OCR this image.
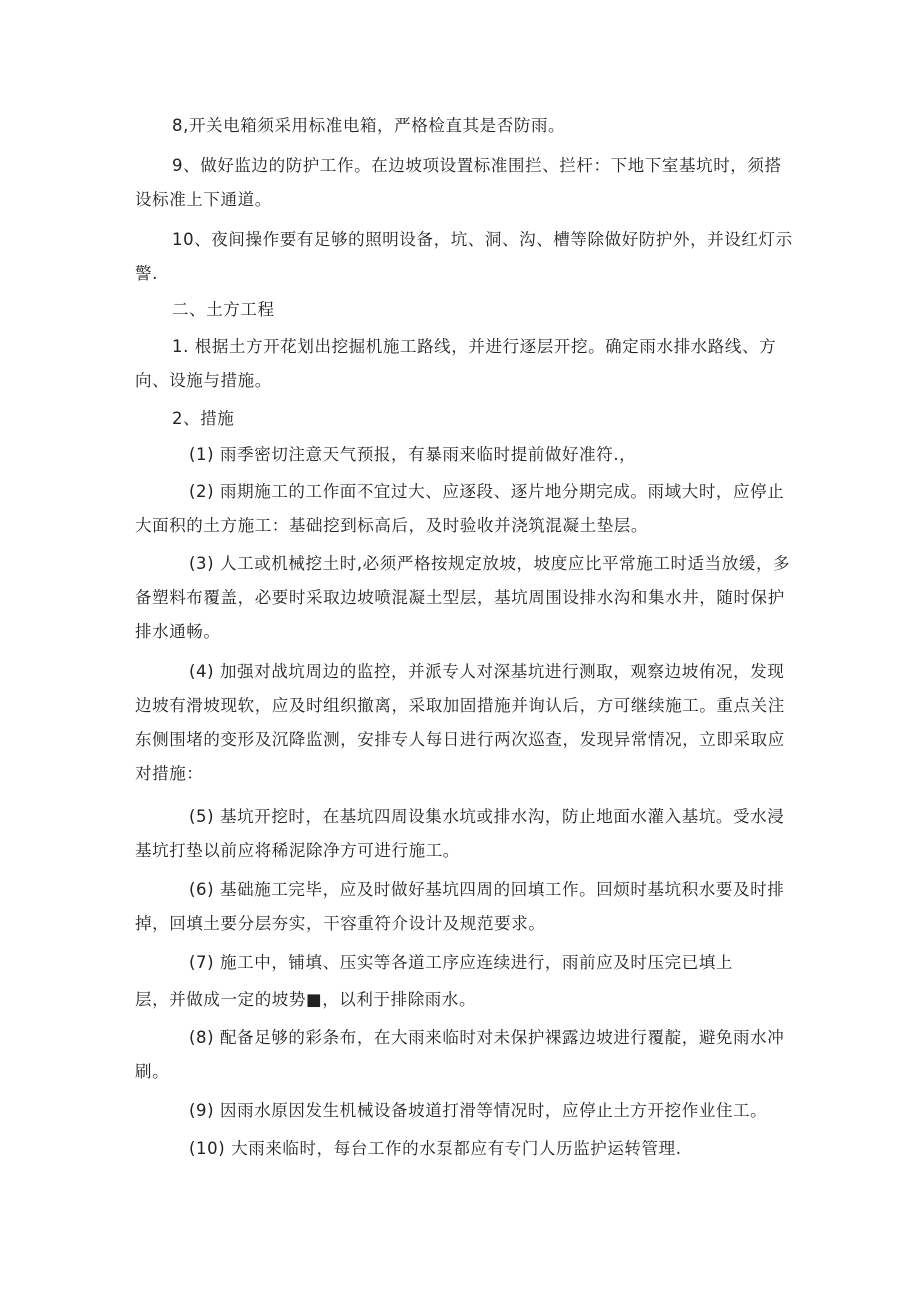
8,开关电箱须采用标准电箱，严格检直其是否防雨。

9、做好监边的防护工作。在边坡项设置标准围拦、拦杆：下地下室基坑时，须搭设标准上下通道。

10、夜间操作要有足够的照明设备，坑、洞、沟、槽等除做好防护外，并设红灯示警.

二、土方工程

1. 根据土方开花划出挖掘机施工路线，并进行逐层开挖。确定雨水排水路线、方向、设施与措施。

2、措施

(1) 雨季密切注意天气预报，有暴雨来临时提前做好准符.，

(2) 雨期施工的工作面不宜过大、应逐段、逐片地分期完成。雨域大时，应停止大面积的土方施工：基础挖到标高后，及时验收并浇筑混凝土垫层。

(3) 人工或机械挖土时,必须严格按规定放坡，坡度应比平常施工时适当放缓，多备塑料布覆盖，必要时采取边坡喷混凝土型层，基坑周围设排水沟和集水井，随时保护排水通畅。

(4) 加强对战坑周边的监控，并派专人对深基坑进行测取，观察边坡侑况，发现边坡有滑坡现软，应及时组织撤离，采取加固措施并询认后，方可继续施工。重点关注东侧围堵的变形及沉降监测，安排专人每日进行两次巡查，发现异常情况，立即采取应对措施：

(5) 基坑开挖时，在基坑四周设集水坑或排水沟，防止地面水灌入基坑。受水浸基坑打垫以前应将稀泥除净方可进行施工。

(6) 基础施工完毕，应及时做好基坑四周的回填工作。回烦时基坑积水要及时排掉，回填土要分层夯实，干容重符介设计及规范要求。

(7) 施工中，铺填、压实等各道工序应连续进行，雨前应及时压完已填上

层，并做成一定的坡势■，以利于排除雨水。

(8) 配备足够的彩条布，在大雨来临时对未保护裸露边坡进行覆靛，避免雨水冲刷。

(9) 因雨水原因发生机械设备坡道打滑等情况时，应停止土方开挖作业住工。

(10) 大雨来临时，每台工作的水泵都应有专门人历监护运转管理.
